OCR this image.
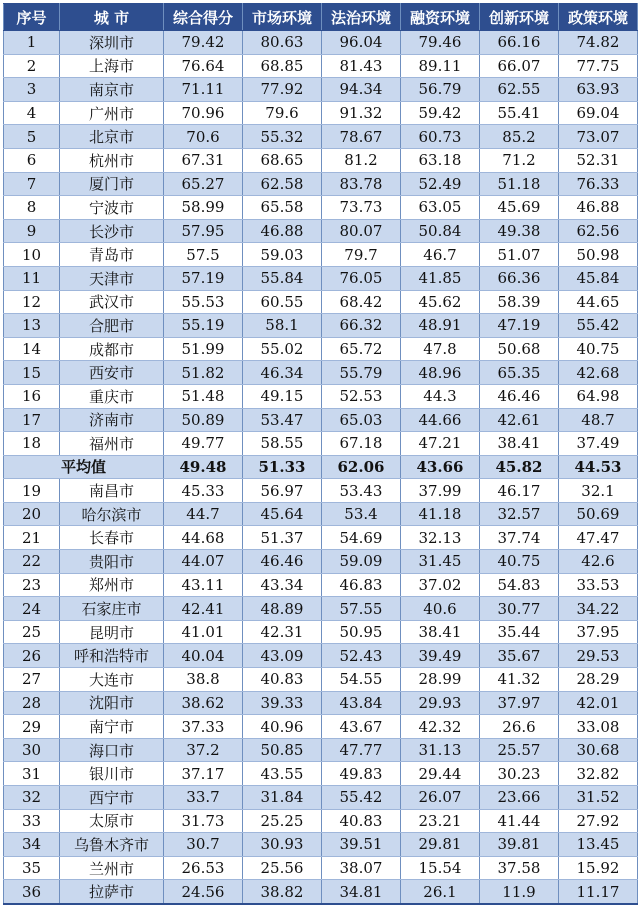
序号	城 市	综合得分	市场环境	法治环境	融资环境	创新环境	政策环境
1	深圳市	79.42	80.63	96.04	79.46	66.16	74.82
2	上海市	76.64	68.85	81.43	89.11	66.07	77.75
3	南京市	71.11	77.92	94.34	56.79	62.55	63.93
4	广州市	70.96	79.6	91.32	59.42	55.41	69.04
5	北京市	70.6	55.32	78.67	60.73	85.2	73.07
6	杭州市	67.31	68.65	81.2	63.18	71.2	52.31
7	厦门市	65.27	62.58	83.78	52.49	51.18	76.33
8	宁波市	58.99	65.58	73.73	63.05	45.69	46.88
9	长沙市	57.95	46.88	80.07	50.84	49.38	62.56
10	青岛市	57.5	59.03	79.7	46.7	51.07	50.98
11	天津市	57.19	55.84	76.05	41.85	66.36	45.84
12	武汉市	55.53	60.55	68.42	45.62	58.39	44.65
13	合肥市	55.19	58.1	66.32	48.91	47.19	55.42
14	成都市	51.99	55.02	65.72	47.8	50.68	40.75
15	西安市	51.82	46.34	55.79	48.96	65.35	42.68
16	重庆市	51.48	49.15	52.53	44.3	46.46	64.98
17	济南市	50.89	53.47	65.03	44.66	42.61	48.7
18	福州市	49.77	58.55	67.18	47.21	38.41	37.49
平均值		49.48	51.33	62.06	43.66	45.82	44.53
19	南昌市	45.33	56.97	53.43	37.99	46.17	32.1
20	哈尔滨市	44.7	45.64	53.4	41.18	32.57	50.69
21	长春市	44.68	51.37	54.69	32.13	37.74	47.47
22	贵阳市	44.07	46.46	59.09	31.45	40.75	42.6
23	郑州市	43.11	43.34	46.83	37.02	54.83	33.53
24	石家庄市	42.41	48.89	57.55	40.6	30.77	34.22
25	昆明市	41.01	42.31	50.95	38.41	35.44	37.95
26	呼和浩特市	40.04	43.09	52.43	39.49	35.67	29.53
27	大连市	38.8	40.83	54.55	28.99	41.32	28.29
28	沈阳市	38.62	39.33	43.84	29.93	37.97	42.01
29	南宁市	37.33	40.96	43.67	42.32	26.6	33.08
30	海口市	37.2	50.85	47.77	31.13	25.57	30.68
31	银川市	37.17	43.55	49.83	29.44	30.23	32.82
32	西宁市	33.7	31.84	55.42	26.07	23.66	31.52
33	太原市	31.73	25.25	40.83	23.21	41.44	27.92
34	乌鲁木齐市	30.7	30.93	39.51	29.81	39.81	13.45
35	兰州市	26.53	25.56	38.07	15.54	37.58	15.92
36	拉萨市	24.56	38.82	34.81	26.1	11.9	11.17
